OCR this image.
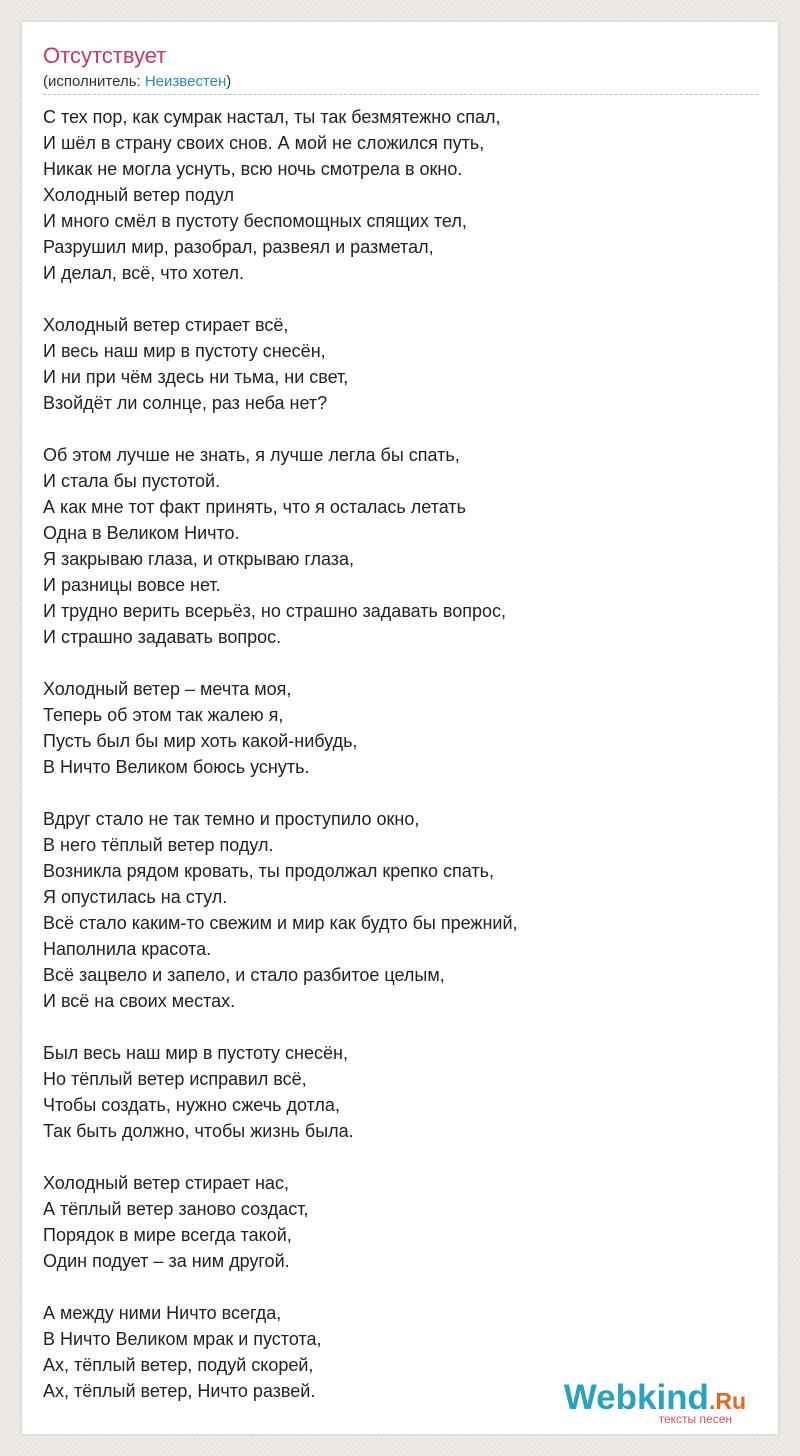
Отсутствует
(исполнитель: Неизвестен)
С тех пор, как сумрак настал, ты так безмятежно спал,
И шёл в страну своих снов. А мой не сложился путь,
Никак не могла уснуть, всю ночь смотрела в окно.
Холодный ветер подул
И много смёл в пустоту беспомощных спящих тел,
Разрушил мир, разобрал, развеял и разметал,
И делал, всё, что хотел.
Холодный ветер стирает всё,
И весь наш мир в пустоту снесён,
И ни при чём здесь ни тьма, ни свет,
Взойдёт ли солнце, раз неба нет?
Об этом лучше не знать, я лучше легла бы спать,
И стала бы пустотой.
А как мне тот факт принять, что я осталась летать
Одна в Великом Ничто.
Я закрываю глаза, и открываю глаза,
И разницы вовсе нет.
И трудно верить всерьёз, но страшно задавать вопрос,
И страшно задавать вопрос.
Холодный ветер – мечта моя,
Теперь об этом так жалею я,
Пусть был бы мир хоть какой-нибудь,
В Ничто Великом боюсь уснуть.
Вдруг стало не так темно и проступило окно,
В него тёплый ветер подул.
Возникла рядом кровать, ты продолжал крепко спать,
Я опустилась на стул.
Всё стало каким-то свежим и мир как будто бы прежний,
Наполнила красота.
Всё зацвело и запело, и стало разбитое целым,
И всё на своих местах.
Был весь наш мир в пустоту снесён,
Но тёплый ветер исправил всё,
Чтобы создать, нужно сжечь дотла,
Так быть должно, чтобы жизнь была.
Холодный ветер стирает нас,
А тёплый ветер заново создаст,
Порядок в мире всегда такой,
Один подует – за ним другой.
А между ними Ничто всегда,
В Ничто Великом мрак и пустота,
Ах, тёплый ветер, подуй скорей,
Ах, тёплый ветер, Ничто развей.	Webkind.Ru
тексты песен
